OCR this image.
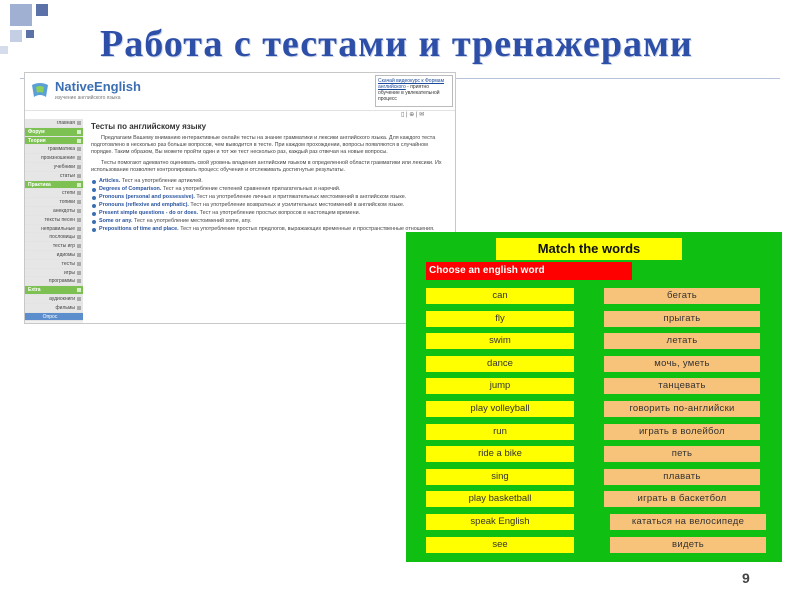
Работа с тестами и тренажерами
NativeEnglish
изучение английского языка
Скачай видеокурс к Формам английского - приятно обучение в увлекательной процесс
▯ | ⊕ | ✉
главная
Форум
Теория
грамматика
произношение
учебники
статьи
Практика
степи
топики
анекдоты
тексты песен
неправильные
пословицы
тесты игр
идиомы
тесты
игры
программы
Extra
аудиокниги
фильмы
Опрос
Тесты по английскому языку

Предлагаем Вашему вниманию интерактивные онлайн тесты на знание грамматики и лексики английского языка. Для каждого теста подготовлено в несколько раз больше вопросов, чем выводится в тесте. При каждом прохождении, вопросы появляются в случайном порядке. Таким образом, Вы можете пройти один и тот же тест несколько раз, каждый раз отвечая на новые вопросы.

Тесты помогают адекватно оценивать свой уровень владения английским языком в определенной области грамматики или лексики. Их использование позволяет контролировать процесс обучения и отслеживать достигнутые результаты.

Articles. Тест на употребление артиклей.
Degrees of Comparison. Тест на употребление степеней сравнения прилагательных и наречий.
Pronouns (personal and possessive). Тест на употребление личных и притяжательных местоимений в английском языке.
Pronouns (reflexive and emphatic). Тест на употребление возвратных и усилительных местоимений в английском языке.
Present simple questions - do or does. Тест на употребление простых вопросов в настоящем времени.
Some or any. Тест на употребление местоимений some, any.
Prepositions of time and place. Тест на употребление простых предлогов, выражающих временные и пространственные отношения.
Match the words
Choose an english word
can	бегать
fly	прыгать
swim	летать
dance	мочь, уметь
jump	танцевать
play volleyball	говорить по-английски
run	играть в волейбол
ride a bike	петь
sing	плавать
play basketball	играть в баскетбол
speak English	кататься на велосипеде
see	видеть
9
